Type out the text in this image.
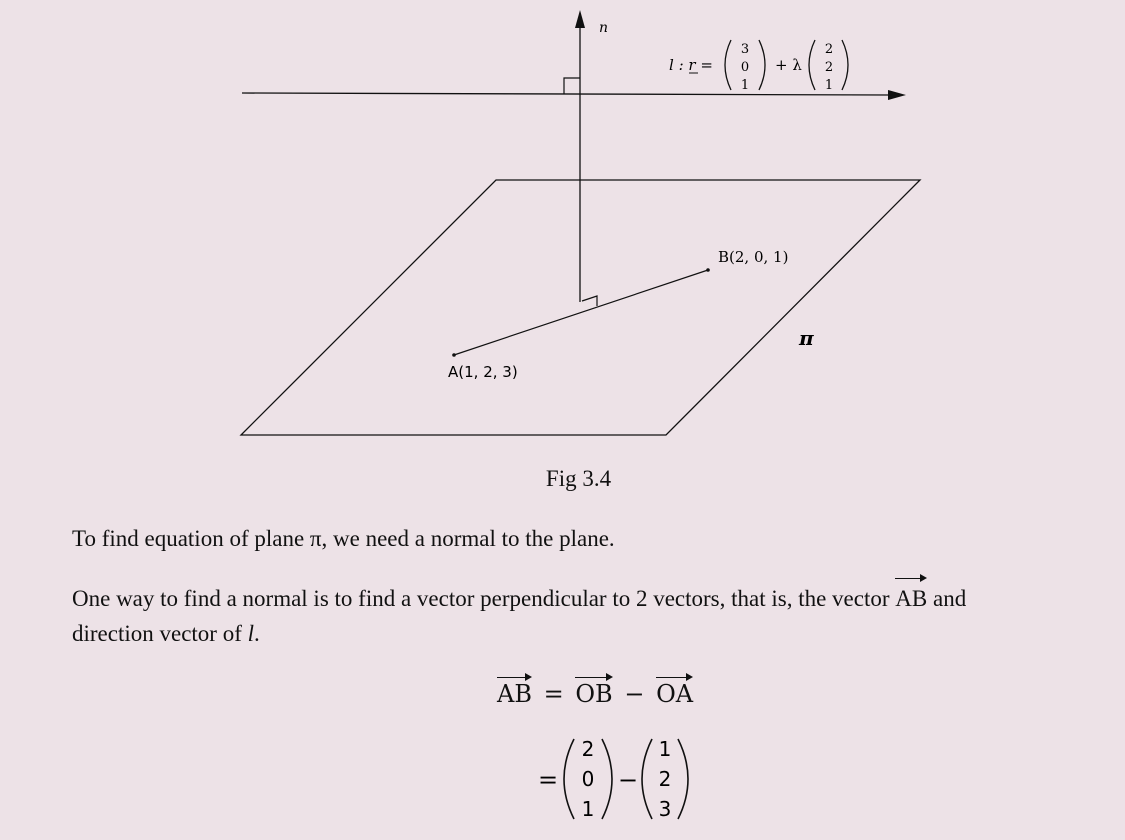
n
l : r =
3
0
1
+ λ
2
2
1
B(2, 0, 1)
A(1, 2, 3)
π
Fig 3.4
To find equation of plane π, we need a normal to the plane.
One way to find a normal is to find a vector perpendicular to 2 vectors, that is, the vector AB and
direction vector of l.
AB = OB − OA
=
2
0
1
−
1
2
3
